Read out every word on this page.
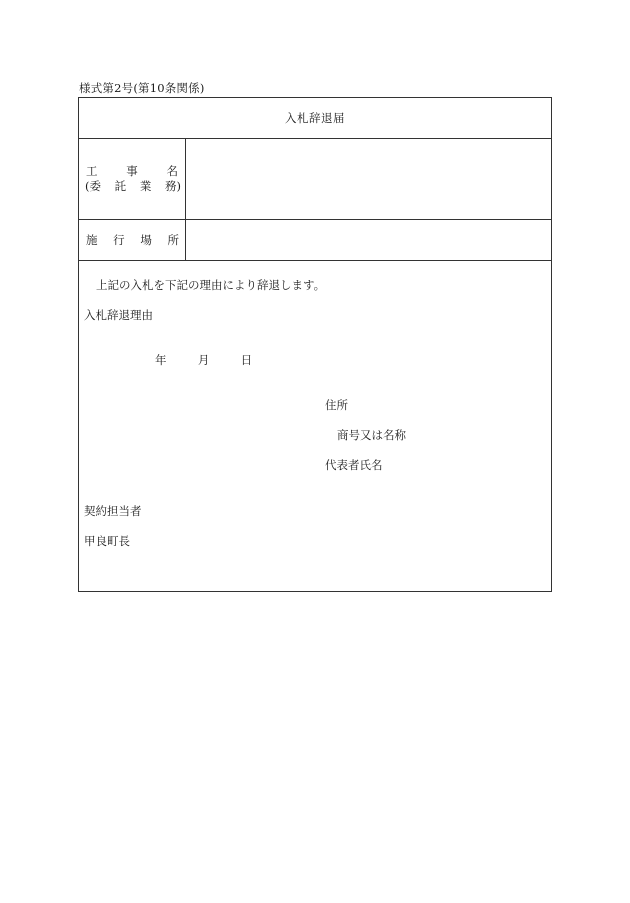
様式第2号(第10条関係)
入札辞退届
工	事	名
(委 託 業 務)
施 行 場 所
上記の入札を下記の理由により辞退します。
入札辞退理由
年	月	日
住所
商号又は名称
代表者氏名
契約担当者
甲良町長
